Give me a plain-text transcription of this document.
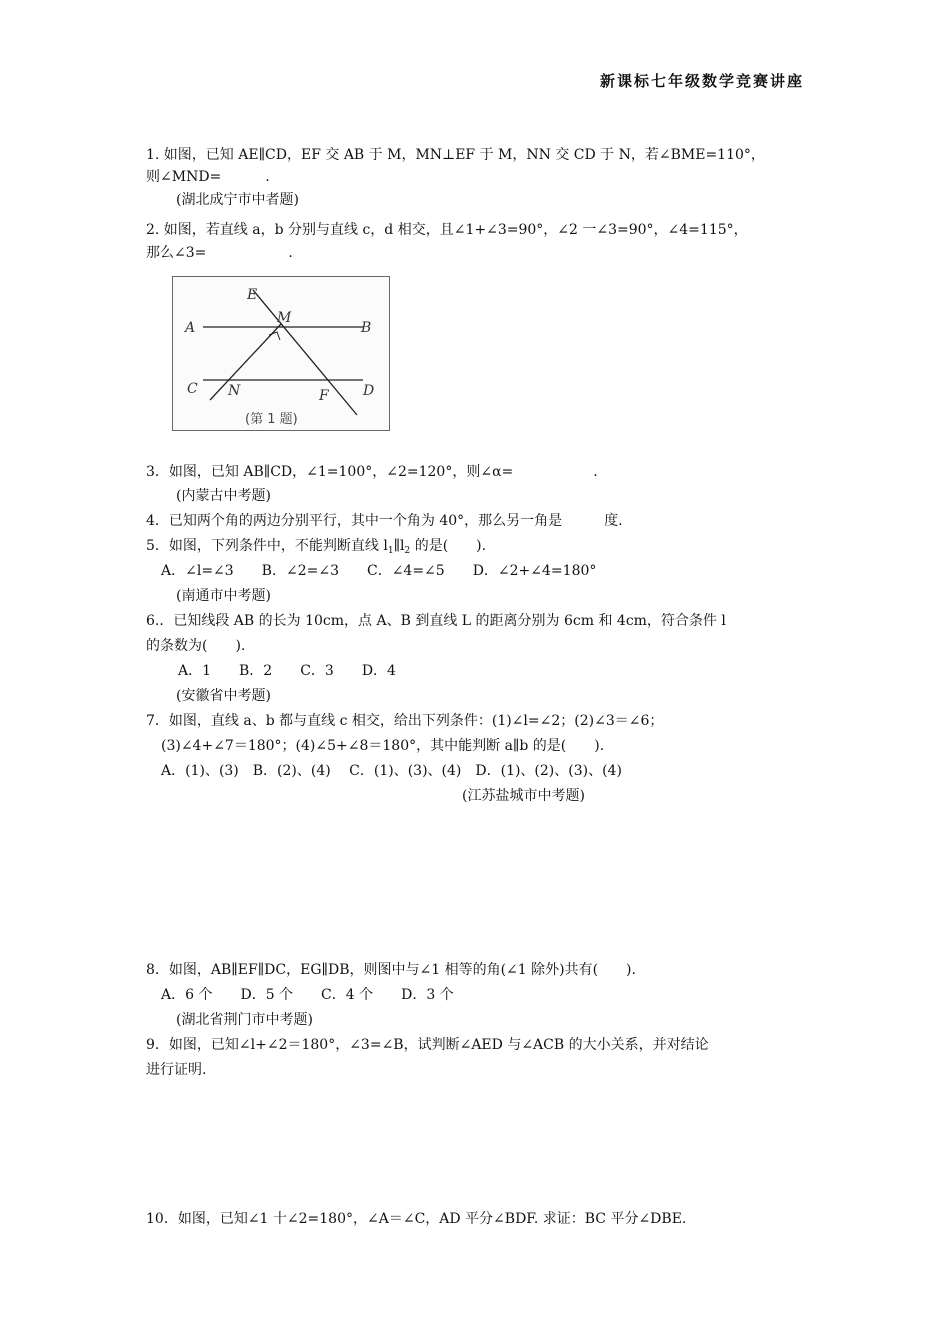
新课标七年级数学竞赛讲座
1. 如图，已知 AE∥CD，EF 交 AB 于 M，MN⊥EF 于 M，NN 交 CD 于 N，若∠BME=110°，
则∠MND=	.
(湖北成宁市中者题)
2. 如图，若直线 a，b 分别与直线 c，d 相交，且∠1+∠3=90°，∠2 一∠3=90°，∠4=115°，
那么∠3=	.
E
M
A	B
C N	F D
(第 1 题)
3．如图，已知 AB∥CD，∠1=100°，∠2=120°，则∠α=	.
(内蒙古中考题)
4．已知两个角的两边分别平行，其中一个角为 40°，那么另一角是	度.
5．如图，下列条件中，不能判断直线 $l_1\parallel l_2$ 的是(　　).
A．∠l=∠3　　B．∠2=∠3　　C．∠4=∠5　　D．∠2+∠4=180°
(南通市中考题)
6.．已知线段 AB 的长为 10cm，点 A、B 到直线 L 的距离分别为 6cm 和 4cm，符合条件 l
的条数为(　　).
A．1　　B．2　　C．3　　D．4
(安徽省中考题)
7．如图，直线 a、b 都与直线 c 相交，给出下列条件：(1)∠l=∠2；(2)∠3＝∠6；
(3)∠4+∠7＝180°；(4)∠5+∠8＝180°，其中能判断 a∥b 的是(　　).
A．(1)、(3)　B．(2)、(4)　 C．(1)、(3)、(4)　D．(1)、(2)、(3)、(4)
(江苏盐城市中考题)
8．如图，AB∥EF∥DC，EG∥DB，则图中与∠1 相等的角(∠1 除外)共有(　　).
A．6 个　　D．5 个　　C．4 个　　D．3 个
(湖北省荆门市中考题)
9．如图，已知∠l+∠2＝180°，∠3=∠B，试判断∠AED 与∠ACB 的大小关系，并对结论
进行证明.
10．如图，已知∠1 十∠2=180°，∠A＝∠C，AD 平分∠BDF. 求证：BC 平分∠DBE.
